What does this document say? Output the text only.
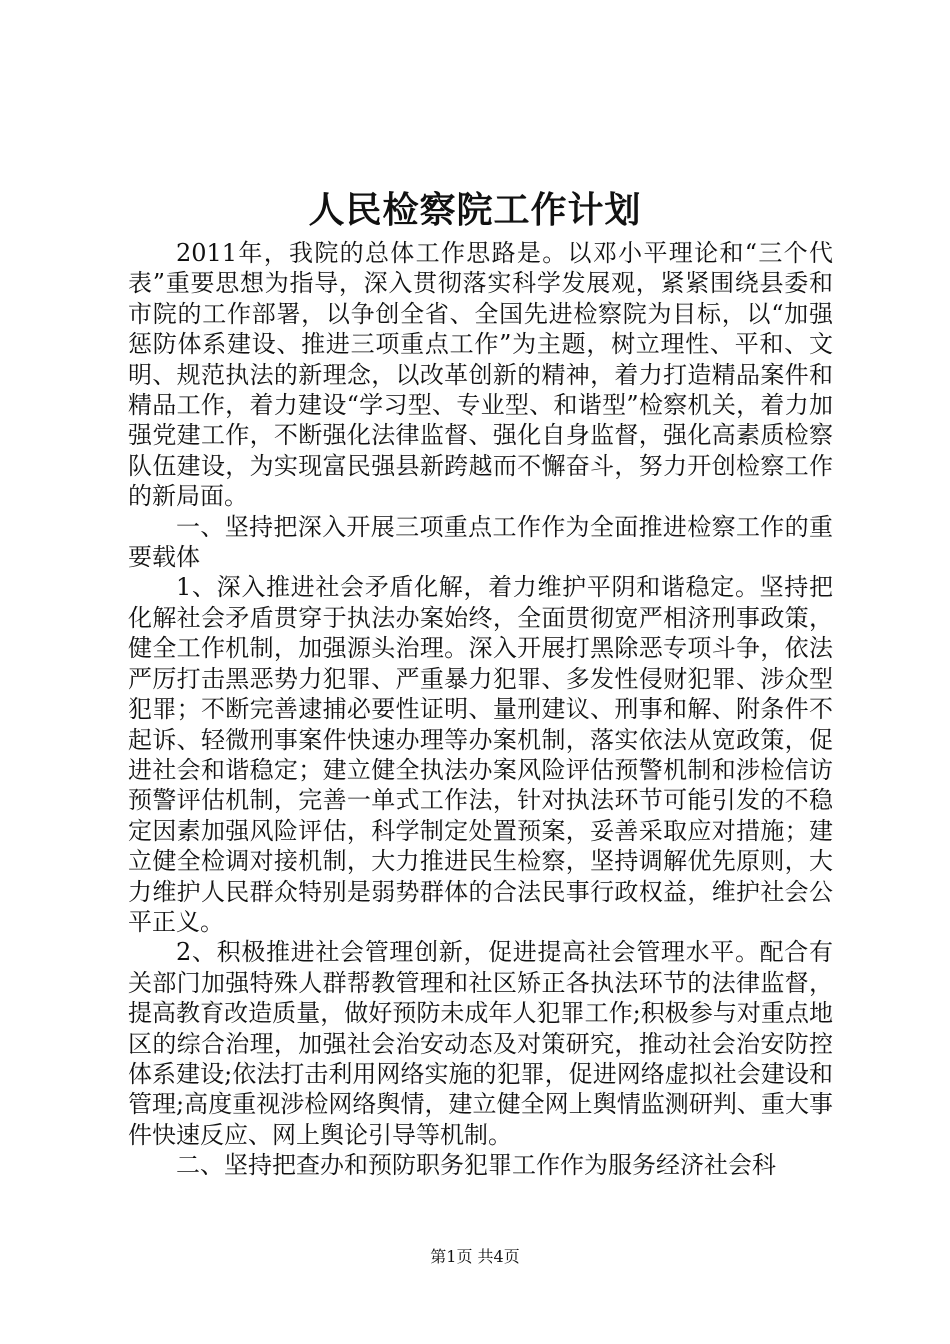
人民检察院工作计划

2011年，我院的总体工作思路是。以邓小平理论和“三个代表”重要思想为指导，深入贯彻落实科学发展观，紧紧围绕县委和市院的工作部署，以争创全省、全国先进检察院为目标，以“加强惩防体系建设、推进三项重点工作”为主题，树立理性、平和、文明、规范执法的新理念，以改革创新的精神，着力打造精品案件和精品工作，着力建设“学习型、专业型、和谐型”检察机关，着力加强党建工作，不断强化法律监督、强化自身监督，强化高素质检察队伍建设，为实现富民强县新跨越而不懈奋斗，努力开创检察工作的新局面。

一、坚持把深入开展三项重点工作作为全面推进检察工作的重要载体

1、深入推进社会矛盾化解，着力维护平阴和谐稳定。坚持把化解社会矛盾贯穿于执法办案始终，全面贯彻宽严相济刑事政策，健全工作机制，加强源头治理。深入开展打黑除恶专项斗争，依法严厉打击黑恶势力犯罪、严重暴力犯罪、多发性侵财犯罪、涉众型犯罪；不断完善逮捕必要性证明、量刑建议、刑事和解、附条件不起诉、轻微刑事案件快速办理等办案机制，落实依法从宽政策，促进社会和谐稳定；建立健全执法办案风险评估预警机制和涉检信访预警评估机制，完善一单式工作法，针对执法环节可能引发的不稳定因素加强风险评估，科学制定处置预案，妥善采取应对措施；建立健全检调对接机制，大力推进民生检察，坚持调解优先原则，大力维护人民群众特别是弱势群体的合法民事行政权益，维护社会公平正义。

2、积极推进社会管理创新，促进提高社会管理水平。配合有关部门加强特殊人群帮教管理和社区矫正各执法环节的法律监督，提高教育改造质量，做好预防未成年人犯罪工作;积极参与对重点地区的综合治理，加强社会治安动态及对策研究，推动社会治安防控体系建设;依法打击利用网络实施的犯罪，促进网络虚拟社会建设和管理;高度重视涉检网络舆情，建立健全网上舆情监测研判、重大事件快速反应、网上舆论引导等机制。

二、坚持把查办和预防职务犯罪工作作为服务经济社会科

第1页 共4页
